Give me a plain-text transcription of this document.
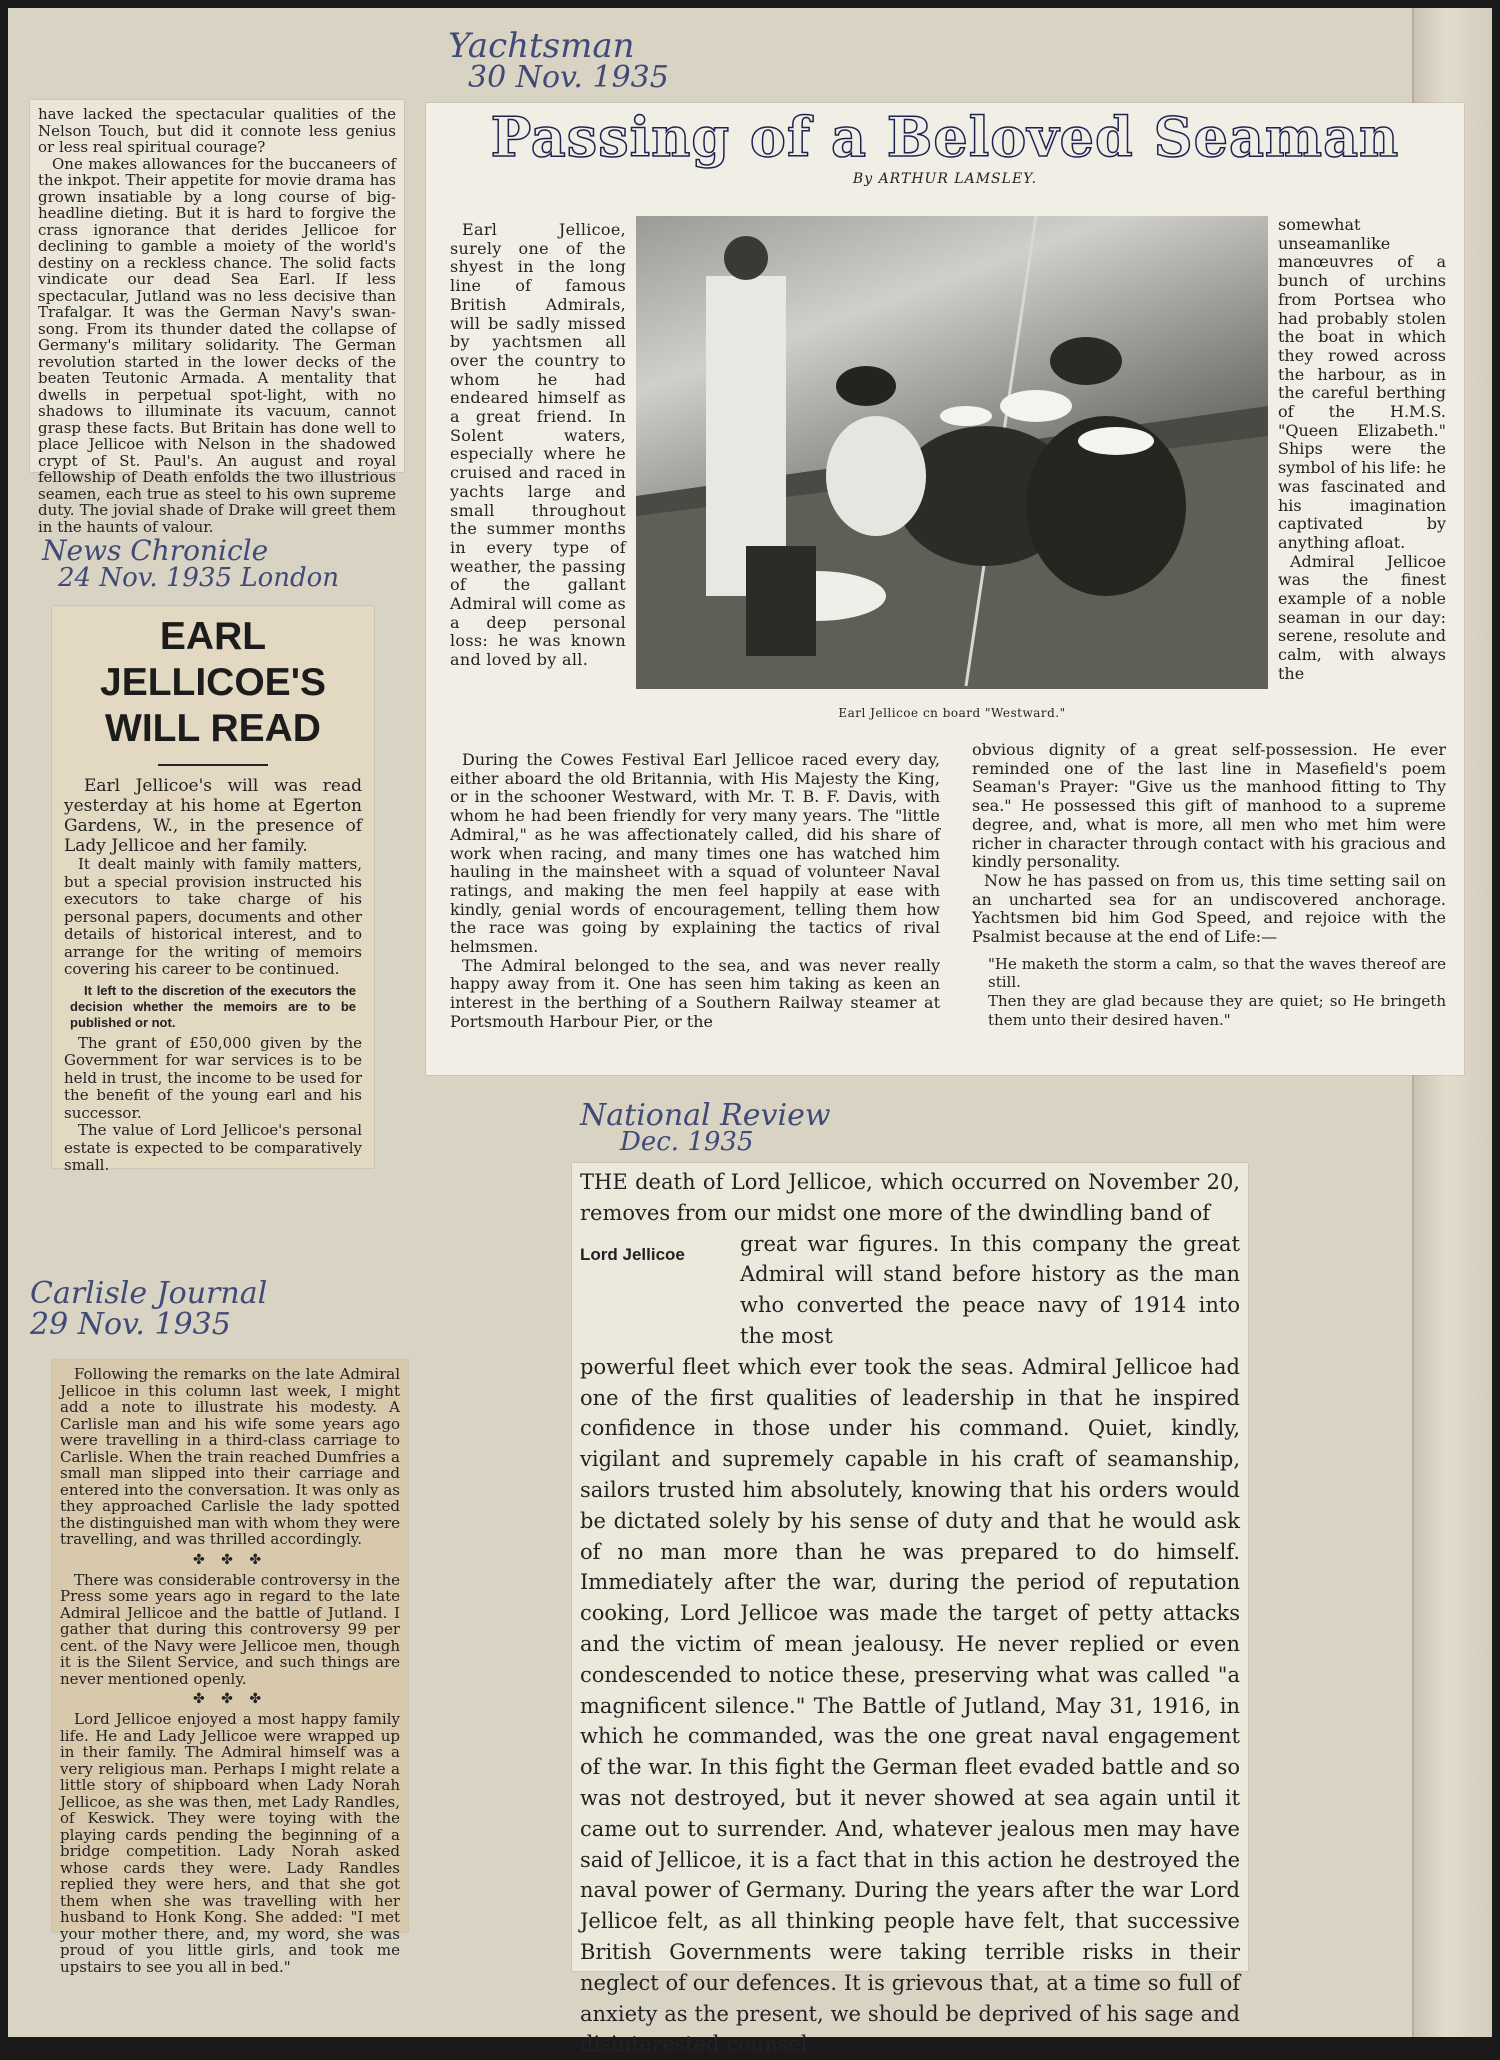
have lacked the spectacular qualities of the Nelson Touch, but did it connote less genius or less real spiritual courage?

One makes allowances for the buccaneers of the inkpot. Their appetite for movie drama has grown insatiable by a long course of big-headline dieting. But it is hard to forgive the crass ignorance that derides Jellicoe for declining to gamble a moiety of the world's destiny on a reckless chance. The solid facts vindicate our dead Sea Earl. If less spectacular, Jutland was no less decisive than Trafalgar. It was the German Navy's swan-song. From its thunder dated the collapse of Germany's military solidarity. The German revolution started in the lower decks of the beaten Teutonic Armada. A mentality that dwells in perpetual spot-light, with no shadows to illuminate its vacuum, cannot grasp these facts. But Britain has done well to place Jellicoe with Nelson in the shadowed crypt of St. Paul's. An august and royal fellowship of Death enfolds the two illustrious seamen, each true as steel to his own supreme duty. The jovial shade of Drake will greet them in the haunts of valour.

Yachtsman
30 Nov. 1935
Passing of a Beloved Seaman
By ARTHUR LAMSLEY.

Earl Jellicoe, surely one of the shyest in the long line of famous British Admirals, will be sadly missed by yachtsmen all over the country to whom he had endeared himself as a great friend. In Solent waters, especially where he cruised and raced in yachts large and small throughout the summer months in every type of weather, the passing of the gallant Admiral will come as a deep personal loss: he was known and loved by all.

Earl Jellicoe cn board "Westward."

somewhat unseamanlike manœuvres of a bunch of urchins from Portsea who had probably stolen the boat in which they rowed across the harbour, as in the careful berthing of the H.M.S. "Queen Elizabeth." Ships were the symbol of his life: he was fascinated and his imagination captivated by anything afloat.

Admiral Jellicoe was the finest example of a noble seaman in our day: serene, resolute and calm, with always the

During the Cowes Festival Earl Jellicoe raced every day, either aboard the old Britannia, with His Majesty the King, or in the schooner Westward, with Mr. T. B. F. Davis, with whom he had been friendly for very many years. The "little Admiral," as he was affectionately called, did his share of work when racing, and many times one has watched him hauling in the mainsheet with a squad of volunteer Naval ratings, and making the men feel happily at ease with kindly, genial words of encouragement, telling them how the race was going by explaining the tactics of rival helmsmen.

The Admiral belonged to the sea, and was never really happy away from it. One has seen him taking as keen an interest in the berthing of a Southern Railway steamer at Portsmouth Harbour Pier, or the

obvious dignity of a great self-possession. He ever reminded one of the last line in Masefield's poem Seaman's Prayer: "Give us the manhood fitting to Thy sea." He possessed this gift of manhood to a supreme degree, and, what is more, all men who met him were richer in character through contact with his gracious and kindly personality.

Now he has passed on from us, this time setting sail on an uncharted sea for an undiscovered anchorage. Yachtsmen bid him God Speed, and rejoice with the Psalmist because at the end of Life:—

"He maketh the storm a calm, so that the waves thereof are still.

Then they are glad because they are quiet; so He bringeth them unto their desired haven."

News Chronicle
24 Nov. 1935 London
EARL
JELLICOE'S
WILL READ

Earl Jellicoe's will was read yesterday at his home at Egerton Gardens, W., in the presence of Lady Jellicoe and her family.

It dealt mainly with family matters, but a special provision instructed his executors to take charge of his personal papers, documents and other details of historical interest, and to arrange for the writing of memoirs covering his career to be continued.

It left to the discretion of the executors the decision whether the memoirs are to be published or not.

The grant of £50,000 given by the Government for war services is to be held in trust, the income to be used for the benefit of the young earl and his successor.

The value of Lord Jellicoe's personal estate is expected to be comparatively small.

Carlisle Journal
29 Nov. 1935

Following the remarks on the late Admiral Jellicoe in this column last week, I might add a note to illustrate his modesty. A Carlisle man and his wife some years ago were travelling in a third-class carriage to Carlisle. When the train reached Dumfries a small man slipped into their carriage and entered into the conversation. It was only as they approached Carlisle the lady spotted the distinguished man with whom they were travelling, and was thrilled accordingly.

✤ ✤ ✤

There was considerable controversy in the Press some years ago in regard to the late Admiral Jellicoe and the battle of Jutland. I gather that during this controversy 99 per cent. of the Navy were Jellicoe men, though it is the Silent Service, and such things are never mentioned openly.

✤ ✤ ✤

Lord Jellicoe enjoyed a most happy family life. He and Lady Jellicoe were wrapped up in their family. The Admiral himself was a very religious man. Perhaps I might relate a little story of shipboard when Lady Norah Jellicoe, as she was then, met Lady Randles, of Keswick. They were toying with the playing cards pending the beginning of a bridge competition. Lady Norah asked whose cards they were. Lady Randles replied they were hers, and that she got them when she was travelling with her husband to Honk Kong. She added: "I met your mother there, and, my word, she was proud of you little girls, and took me upstairs to see you all in bed."

National Review
Dec. 1935

THE death of Lord Jellicoe, which occurred on November 20, removes from our midst one more of the dwindling band of

Lord Jellicoe	great war figures. In this company the great Admiral will stand before history as the man who converted the peace navy of 1914 into the most

powerful fleet which ever took the seas. Admiral Jellicoe had one of the first qualities of leadership in that he inspired confidence in those under his command. Quiet, kindly, vigilant and supremely capable in his craft of seamanship, sailors trusted him absolutely, knowing that his orders would be dictated solely by his sense of duty and that he would ask of no man more than he was prepared to do himself. Immediately after the war, during the period of reputation cooking, Lord Jellicoe was made the target of petty attacks and the victim of mean jealousy. He never replied or even condescended to notice these, preserving what was called "a magnificent silence." The Battle of Jutland, May 31, 1916, in which he commanded, was the one great naval engagement of the war. In this fight the German fleet evaded battle and so was not destroyed, but it never showed at sea again until it came out to surrender. And, whatever jealous men may have said of Jellicoe, it is a fact that in this action he destroyed the naval power of Germany. During the years after the war Lord Jellicoe felt, as all thinking people have felt, that successive British Governments were taking terrible risks in their neglect of our defences. It is grievous that, at a time so full of anxiety as the present, we should be deprived of his sage and disinterested counsel.
